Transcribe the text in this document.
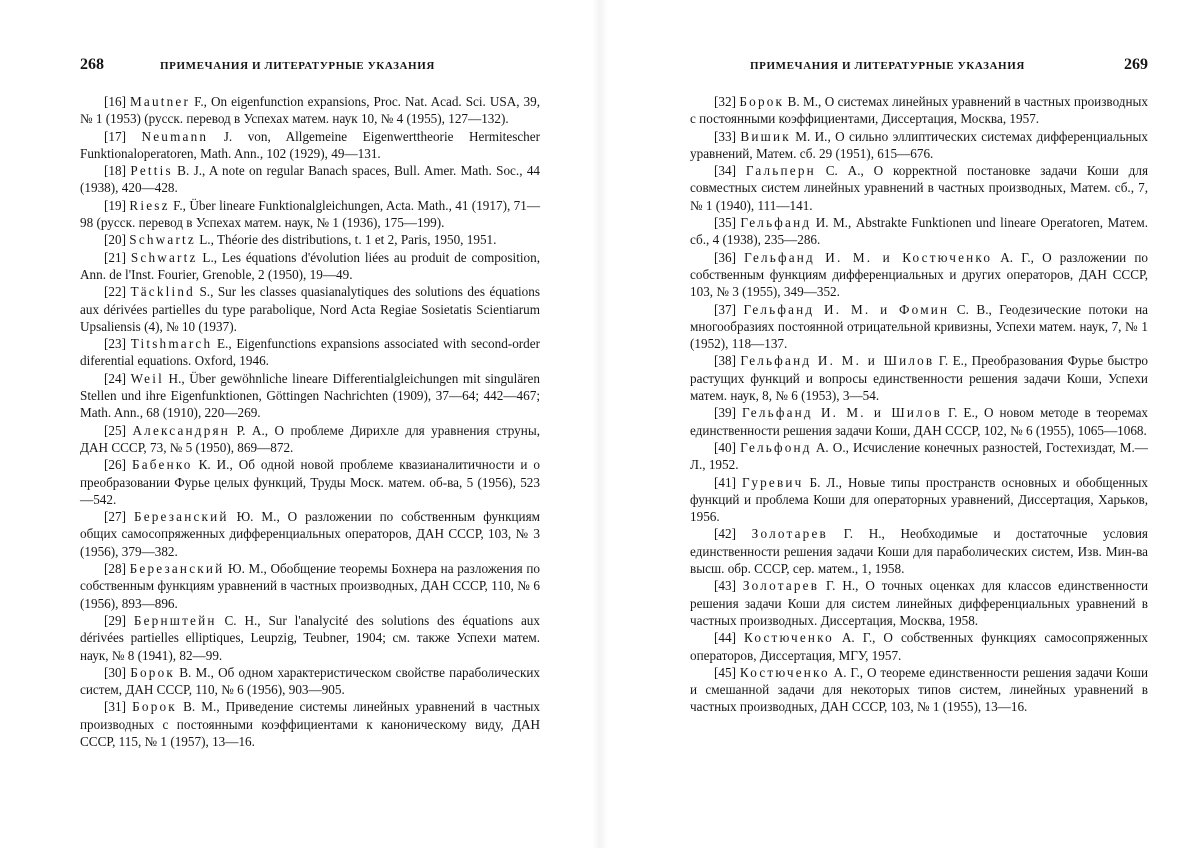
268	ПРИМЕЧАНИЯ И ЛИТЕРАТУРНЫЕ УКАЗАНИЯ

[16] Mautner F., On eigenfunction expansions, Proc. Nat. Acad. Sci. USA, 39, № 1 (1953) (русск. перевод в Успехах матем. наук 10, № 4 (1955), 127—132).

[17] Neumann J. von, Allgemeine Eigenwerttheorie Hermitescher Funktionaloperatoren, Math. Ann., 102 (1929), 49—131.

[18] Pettis B. J., A note on regular Banach spaces, Bull. Amer. Math. Soc., 44 (1938), 420—428.

[19] Riesz F., Über lineare Funktionalgleichungen, Acta. Math., 41 (1917), 71—98 (русск. перевод в Успехах матем. наук, № 1 (1936), 175—199).

[20] Schwartz L., Théorie des distributions, t. 1 et 2, Paris, 1950, 1951.

[21] Schwartz L., Les équations d'évolution liées au produit de composition, Ann. de l'Inst. Fourier, Grenoble, 2 (1950), 19—49.

[22] Täcklind S., Sur les classes quasianalytiques des solutions des équations aux dérivées partielles du type parabolique, Nord Acta Regiae Sosietatis Scientiarum Upsaliensis (4), № 10 (1937).

[23] Titshmarch E., Eigenfunctions expansions associated with second-order diferential equations. Oxford, 1946.

[24] Weil H., Über gewöhnliche lineare Differentialgleichungen mit singulären Stellen und ihre Eigenfunktionen, Göttingen Nachrichten (1909), 37—64; 442—467; Math. Ann., 68 (1910), 220—269.

[25] Александрян Р. А., О проблеме Дирихле для уравнения струны, ДАН СССР, 73, № 5 (1950), 869—872.

[26] Бабенко К. И., Об одной новой проблеме квазианалитичности и о преобразовании Фурье целых функций, Труды Моск. матем. об-ва, 5 (1956), 523—542.

[27] Березанский Ю. М., О разложении по собственным функциям общих самосопряженных дифференциальных операторов, ДАН СССР, 103, № 3 (1956), 379—382.

[28] Березанский Ю. М., Обобщение теоремы Бохнера на разложения по собственным функциям уравнений в частных производных, ДАН СССР, 110, № 6 (1956), 893—896.

[29] Бернштейн С. Н., Sur l'analycité des solutions des équations aux dérivées partielles elliptiques, Leupzig, Teubner, 1904; см. также Успехи матем. наук, № 8 (1941), 82—99.

[30] Борок В. М., Об одном характеристическом свойстве параболических систем, ДАН СССР, 110, № 6 (1956), 903—905.

[31] Борок В. М., Приведение системы линейных уравнений в частных производных с постоянными коэффициентами к каноническому виду, ДАН СССР, 115, № 1 (1957), 13—16.

ПРИМЕЧАНИЯ И ЛИТЕРАТУРНЫЕ УКАЗАНИЯ	269

[32] Борок В. М., О системах линейных уравнений в частных производных с постоянными коэффициентами, Диссертация, Москва, 1957.

[33] Вишик М. И., О сильно эллиптических системах дифференциальных уравнений, Матем. сб. 29 (1951), 615—676.

[34] Гальперн С. А., О корректной постановке задачи Коши для совместных систем линейных уравнений в частных производных, Матем. сб., 7, № 1 (1940), 111—141.

[35] Гельфанд И. М., Abstrakte Funktionen und lineare Operatoren, Матем. сб., 4 (1938), 235—286.

[36] Гельфанд И. М. и Костюченко А. Г., О разложении по собственным функциям дифференциальных и других операторов, ДАН СССР, 103, № 3 (1955), 349—352.

[37] Гельфанд И. М. и Фомин С. В., Геодезические потоки на многообразиях постоянной отрицательной кривизны, Успехи матем. наук, 7, № 1 (1952), 118—137.

[38] Гельфанд И. М. и Шилов Г. Е., Преобразования Фурье быстро растущих функций и вопросы единственности решения задачи Коши, Успехи матем. наук, 8, № 6 (1953), 3—54.

[39] Гельфанд И. М. и Шилов Г. Е., О новом методе в теоремах единственности решения задачи Коши, ДАН СССР, 102, № 6 (1955), 1065—1068.

[40] Гельфонд А. О., Исчисление конечных разностей, Гостехиздат, М.—Л., 1952.

[41] Гуревич Б. Л., Новые типы пространств основных и обобщенных функций и проблема Коши для операторных уравнений, Диссертация, Харьков, 1956.

[42] Золотарев Г. Н., Необходимые и достаточные условия единственности решения задачи Коши для параболических систем, Изв. Мин-ва высш. обр. СССР, сер. матем., 1, 1958.

[43] Золотарев Г. Н., О точных оценках для классов единственности решения задачи Коши для систем линейных дифференциальных уравнений в частных производных. Диссертация, Москва, 1958.

[44] Костюченко А. Г., О собственных функциях самосопряженных операторов, Диссертация, МГУ, 1957.

[45] Костюченко А. Г., О теореме единственности решения задачи Коши и смешанной задачи для некоторых типов систем, линейных уравнений в частных производных, ДАН СССР, 103, № 1 (1955), 13—16.
